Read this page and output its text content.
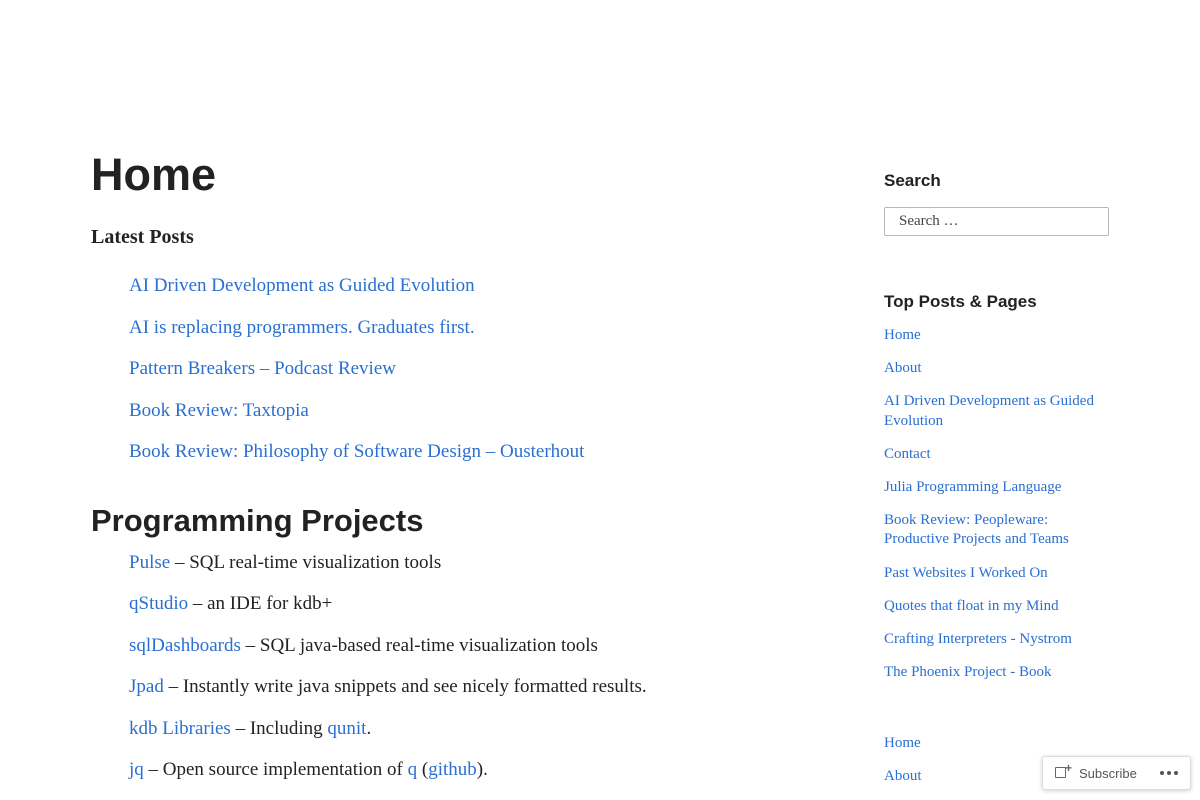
Home
Latest Posts
AI Driven Development as Guided Evolution
AI is replacing programmers. Graduates first.
Pattern Breakers – Podcast Review
Book Review: Taxtopia
Book Review: Philosophy of Software Design – Ousterhout
Programming Projects
Pulse – SQL real-time visualization tools
qStudio – an IDE for kdb+
sqlDashboards – SQL java-based real-time visualization tools
Jpad – Instantly write java snippets and see nicely formatted results.
kdb Libraries – Including qunit.
jq – Open source implementation of q (github).
Search
Search …
Top Posts & Pages
Home
About
AI Driven Development as Guided Evolution
Contact
Julia Programming Language
Book Review: Peopleware: Productive Projects and Teams
Past Websites I Worked On
Quotes that float in my Mind
Crafting Interpreters - Nystrom
The Phoenix Project - Book
Home
About
+ Subscribe
